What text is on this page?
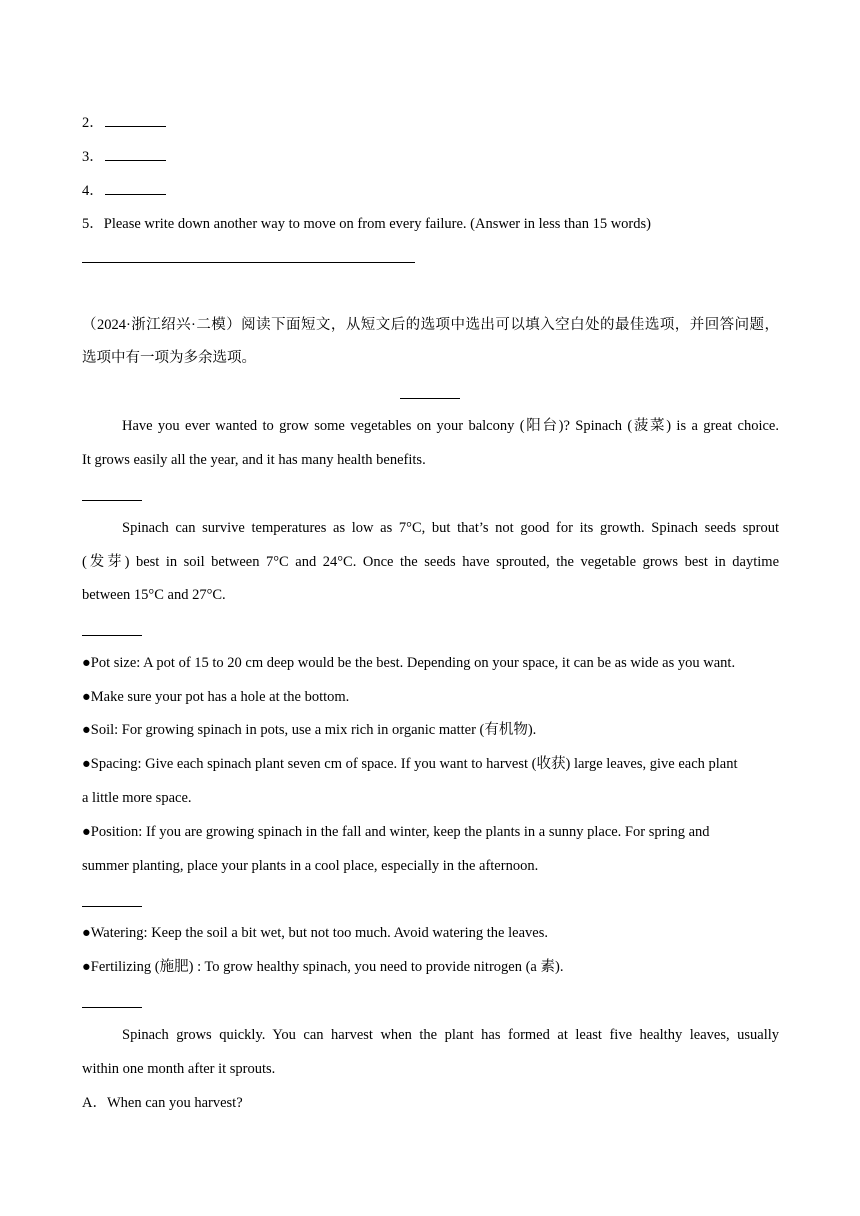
2．
3．
4．
5．Please write down another way to move on from every failure. (Answer in less than 15 words)
（2024·浙江绍兴·二模）阅读下面短文，从短文后的选项中选出可以填入空白处的最佳选项，并回答问题，
选项中有一项为多余选项。
Have you ever wanted to grow some vegetables on your balcony (阳台)? Spinach (菠菜) is a great choice.
It grows easily all the year, and it has many health benefits.
Spinach can survive temperatures as low as 7°C, but that’s not good for its growth. Spinach seeds sprout
(发芽) best in soil between 7°C and 24°C. Once the seeds have sprouted, the vegetable grows best in daytime
between 15°C and 27°C.
●Pot size: A pot of 15 to 20 cm deep would be the best. Depending on your space, it can be as wide as you want.
●Make sure your pot has a hole at the bottom.
●Soil: For growing spinach in pots, use a mix rich in organic matter (有机物).
●Spacing: Give each spinach plant seven cm of space. If you want to harvest (收获) large leaves, give each plant
a little more space.
●Position: If you are growing spinach in the fall and winter, keep the plants in a sunny place. For spring and
summer planting, place your plants in a cool place, especially in the afternoon.
●Watering: Keep the soil a bit wet, but not too much. Avoid watering the leaves.
●Fertilizing (施肥) : To grow healthy spinach, you need to provide nitrogen (a 素).
Spinach grows quickly. You can harvest when the plant has formed at least five healthy leaves, usually
within one month after it sprouts.
A．When can you harvest?
